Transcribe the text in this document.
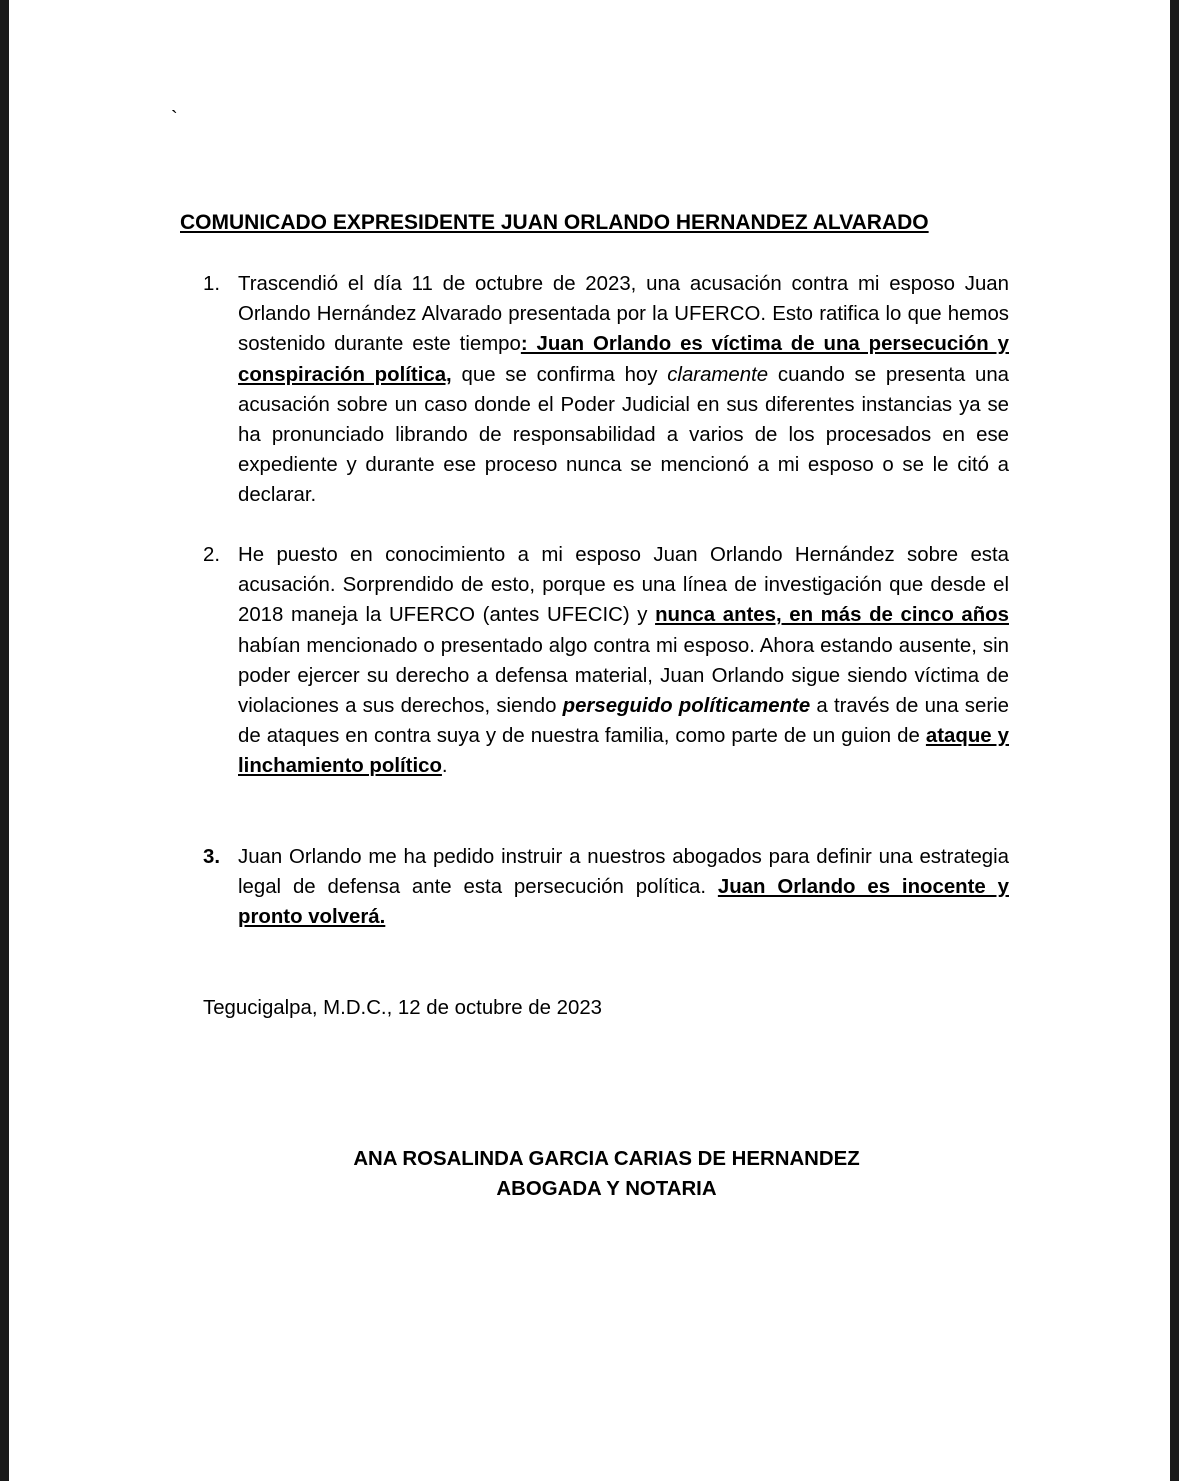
`
COMUNICADO EXPRESIDENTE JUAN ORLANDO HERNANDEZ ALVARADO
1. Trascendió el día 11 de octubre de 2023, una acusación contra mi esposo Juan Orlando Hernández Alvarado presentada por la UFERCO. Esto ratifica lo que hemos sostenido durante este tiempo: Juan Orlando es víctima de una persecución y conspiración política, que se confirma hoy claramente cuando se presenta una acusación sobre un caso donde el Poder Judicial en sus diferentes instancias ya se ha pronunciado librando de responsabilidad a varios de los procesados en ese expediente y durante ese proceso nunca se mencionó a mi esposo o se le citó a declarar.
2. He puesto en conocimiento a mi esposo Juan Orlando Hernández sobre esta acusación. Sorprendido de esto, porque es una línea de investigación que desde el 2018 maneja la UFERCO (antes UFECIC) y nunca antes, en más de cinco años habían mencionado o presentado algo contra mi esposo. Ahora estando ausente, sin poder ejercer su derecho a defensa material, Juan Orlando sigue siendo víctima de violaciones a sus derechos, siendo perseguido políticamente a través de una serie de ataques en contra suya y de nuestra familia, como parte de un guion de ataque y linchamiento político.
3. Juan Orlando me ha pedido instruir a nuestros abogados para definir una estrategia legal de defensa ante esta persecución política. Juan Orlando es inocente y pronto volverá.
Tegucigalpa, M.D.C., 12 de octubre de 2023
ANA ROSALINDA GARCIA CARIAS DE HERNANDEZ
ABOGADA Y NOTARIA
